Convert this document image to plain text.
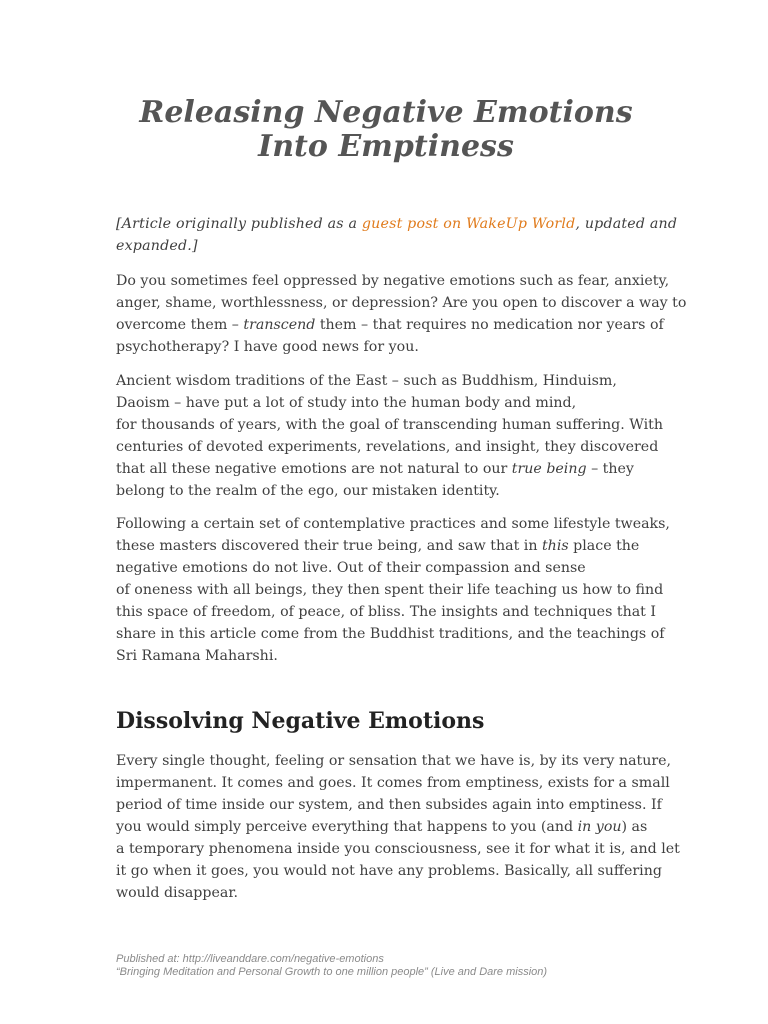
Releasing Negative Emotions
Into Emptiness

[Article originally published as a guest post on WakeUp World, updated and
expanded.]

Do you sometimes feel oppressed by negative emotions such as fear, anxiety,
anger, shame, worthlessness, or depression? Are you open to discover a way to
overcome them – transcend them – that requires no medication nor years of
psychotherapy? I have good news for you.

Ancient wisdom traditions of the East – such as Buddhism, Hinduism,
Daoism – have put a lot of study into the human body and mind,
for thousands of years, with the goal of transcending human suffering. With
centuries of devoted experiments, revelations, and insight, they discovered
that all these negative emotions are not natural to our true being – they
belong to the realm of the ego, our mistaken identity.

Following a certain set of contemplative practices and some lifestyle tweaks,
these masters discovered their true being, and saw that in this place the
negative emotions do not live. Out of their compassion and sense
of oneness with all beings, they then spent their life teaching us how to find
this space of freedom, of peace, of bliss. The insights and techniques that I
share in this article come from the Buddhist traditions, and the teachings of
Sri Ramana Maharshi.

Dissolving Negative Emotions

Every single thought, feeling or sensation that we have is, by its very nature,
impermanent. It comes and goes. It comes from emptiness, exists for a small
period of time inside our system, and then subsides again into emptiness. If
you would simply perceive everything that happens to you (and in you) as
a temporary phenomena inside you consciousness, see it for what it is, and let
it go when it goes, you would not have any problems. Basically, all suffering
would disappear.

Published at: http://liveanddare.com/negative-emotions
“Bringing Meditation and Personal Growth to one million people” (Live and Dare mission)
